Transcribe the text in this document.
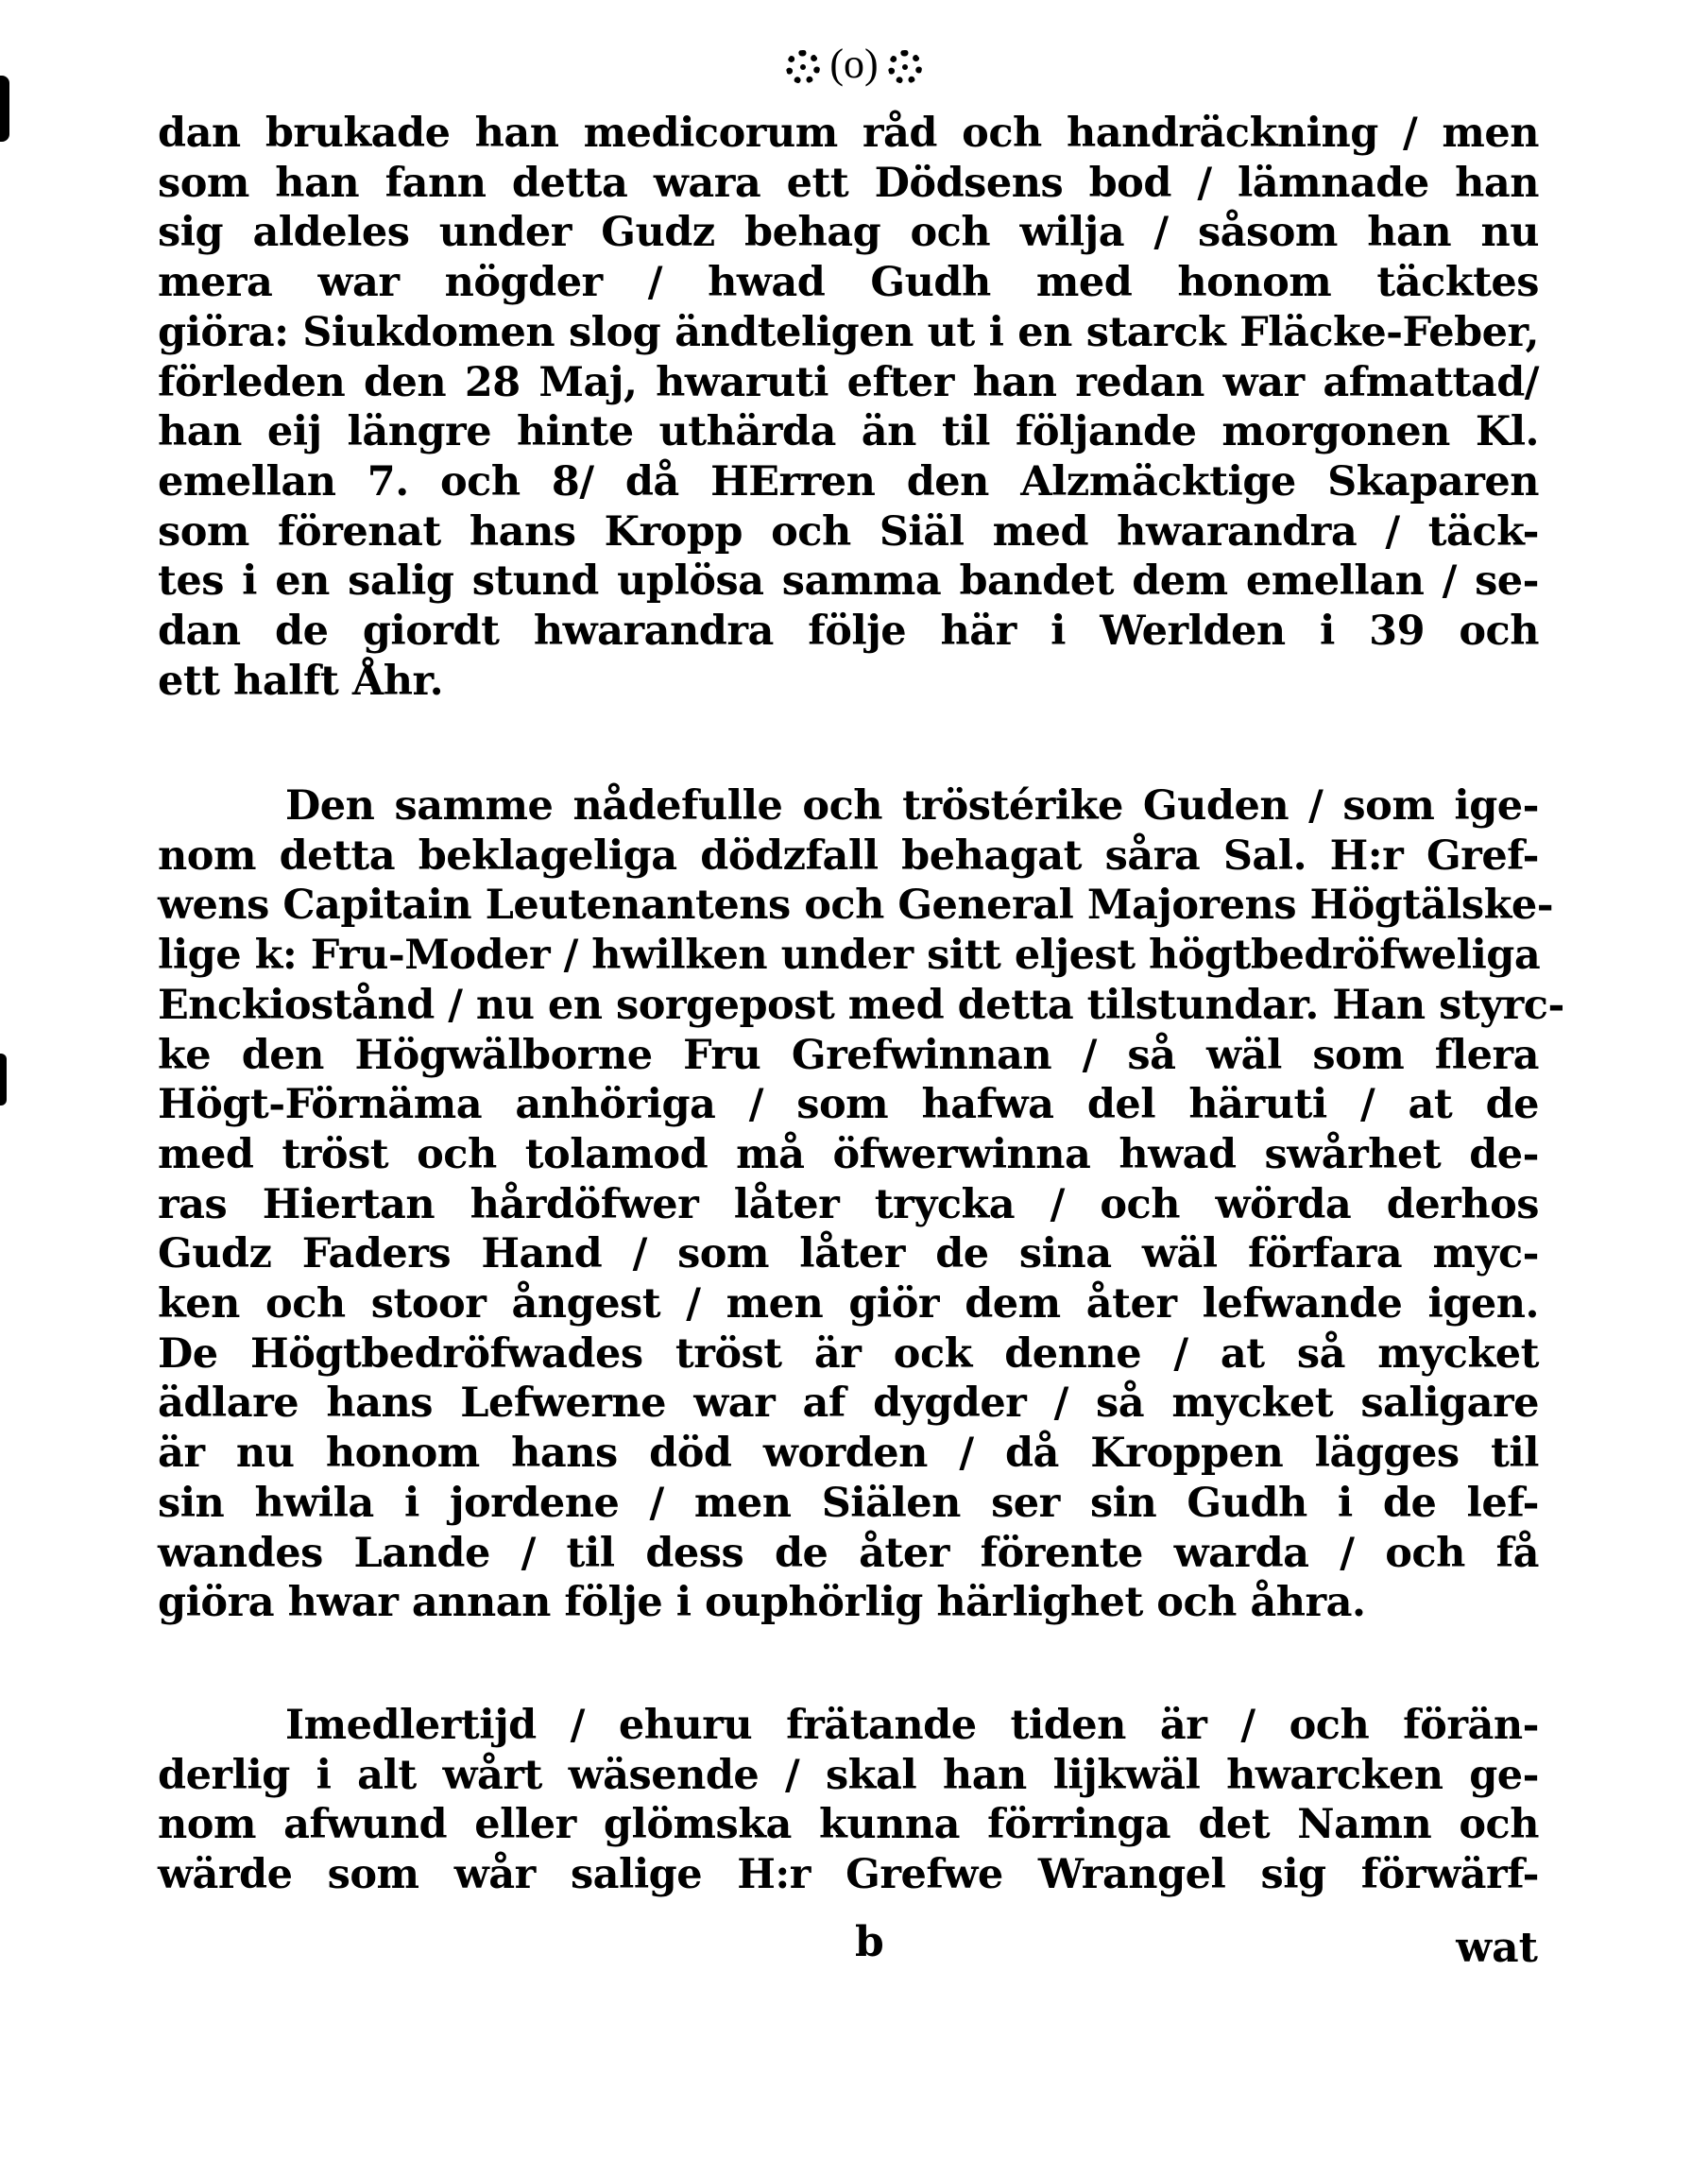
(o)
dan brukade han medicorum råd och handräckning / men
som han fann detta wara ett Dödsens bod / lämnade han
sig aldeles under Gudz behag och wilja / såsom han nu
mera war nögder / hwad Gudh med honom täcktes
giöra: Siukdomen slog ändteligen ut i en starck Fläcke-Feber,
förleden den 28 Maj, hwaruti efter han redan war afmattad/
han eij längre hinte uthärda än til följande morgonen Kl.
emellan 7. och 8/ då HErren den Alzmäcktige Skaparen
som förenat hans Kropp och Siäl med hwarandra / täck-
tes i en salig stund uplösa samma bandet dem emellan / se-
dan de giordt hwarandra följe här i Werlden i 39 och
ett halft Åhr.
Den samme nådefulle och tröstérike Guden / som ige-
nom detta beklageliga dödzfall behagat såra Sal. H:r Gref-
wens Capitain Leutenantens och General Majorens Högtälske-
lige k: Fru-Moder / hwilken under sitt eljest högtbedröfweliga
Enckiostånd / nu en sorgepost med detta tilstundar. Han styrc-
ke den Högwälborne Fru Grefwinnan / så wäl som flera
Högt-Förnäma anhöriga / som hafwa del häruti / at de
med tröst och tolamod må öfwerwinna hwad swårhet de-
ras Hiertan hårdöfwer låter trycka / och wörda derhos
Gudz Faders Hand / som låter de sina wäl förfara myc-
ken och stoor ångest / men giör dem åter lefwande igen.
De Högtbedröfwades tröst är ock denne / at så mycket
ädlare hans Lefwerne war af dygder / så mycket saligare
är nu honom hans död worden / då Kroppen lägges til
sin hwila i jordene / men Siälen ser sin Gudh i de lef-
wandes Lande / til dess de åter förente warda / och få
giöra hwar annan följe i ouphörlig härlighet och åhra.
Imedlertijd / ehuru frätande tiden är / och förän-
derlig i alt wårt wäsende / skal han lijkwäl hwarcken ge-
nom afwund eller glömska kunna förringa det Namn och
wärde som wår salige H:r Grefwe Wrangel sig förwärf-
b	wat
